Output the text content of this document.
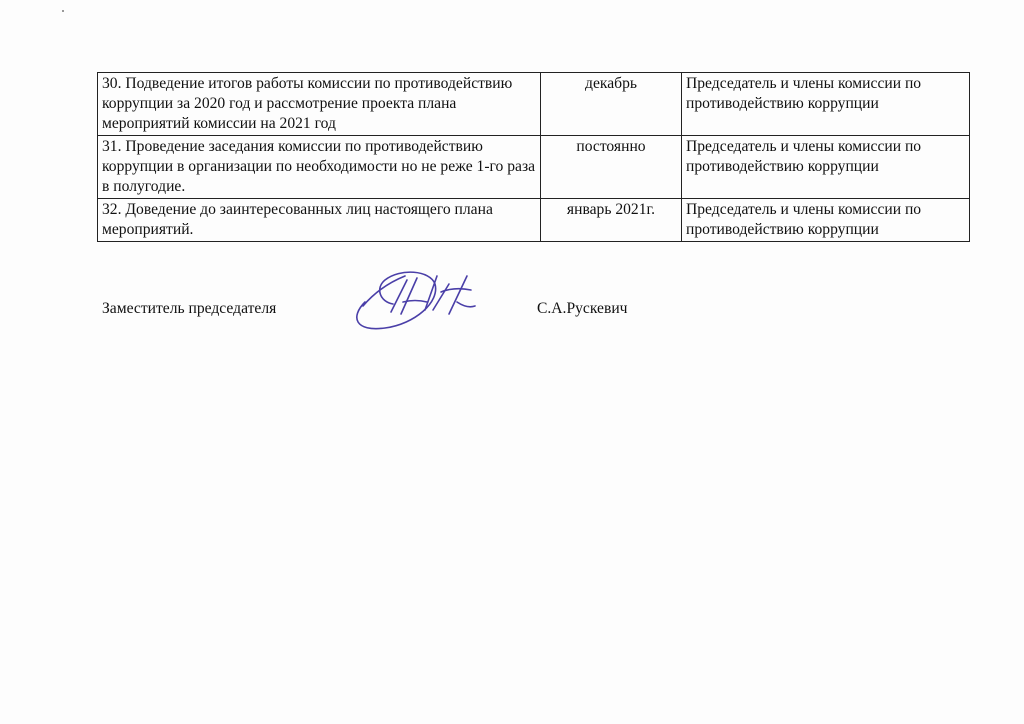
30. Подведение итогов работы комиссии по противодействию коррупции за 2020 год и рассмотрение проекта плана мероприятий комиссии на 2021 год	декабрь	Председатель и члены комиссии по противодействию коррупции
31. Проведение заседания комиссии по противодействию коррупции в организации по необходимости но не реже 1-го раза в полугодие.	постоянно	Председатель и члены комиссии по противодействию коррупции
32. Доведение до заинтересованных лиц настоящего плана мероприятий.	январь 2021г.	Председатель и члены комиссии по противодействию коррупции
Заместитель председателя	С.А.Рускевич
